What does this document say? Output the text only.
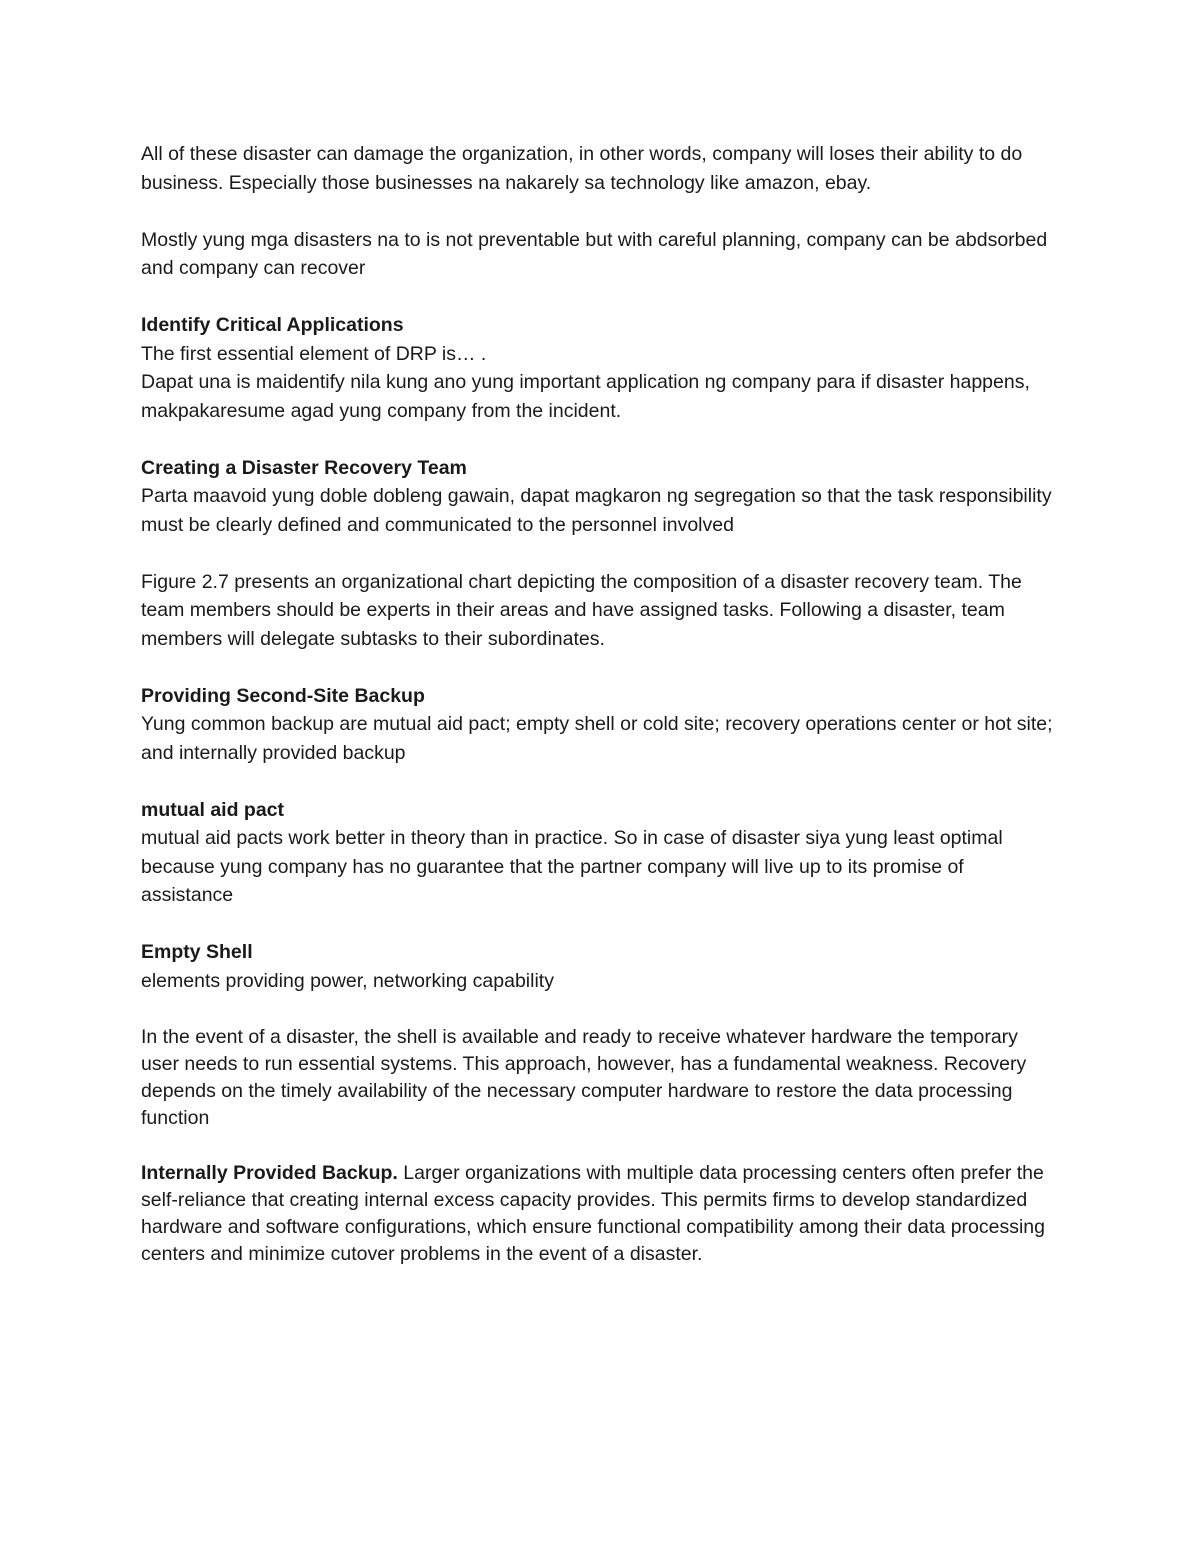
All of these disaster can damage the organization, in other words, company will loses their ability to do business. Especially those businesses na nakarely sa technology like amazon, ebay.

Mostly yung mga disasters na to is not preventable but with careful planning, company can be abdsorbed and company can recover

Identify Critical Applications
The first essential element of DRP is… .
Dapat una is maidentify nila kung ano yung important application ng company para if disaster happens, makpakaresume agad yung company from the incident.
Creating a Disaster Recovery Team
Parta maavoid yung doble dobleng gawain, dapat magkaron ng segregation so that the task responsibility must be clearly defined and communicated to the personnel involved

Figure 2.7 presents an organizational chart depicting the composition of a disaster recovery team. The team members should be experts in their areas and have assigned tasks. Following a disaster, team members will delegate subtasks to their subordinates.

Providing Second-Site Backup
Yung common backup are mutual aid pact; empty shell or cold site; recovery operations center or hot site; and internally provided backup
mutual aid pact
mutual aid pacts work better in theory than in practice. So in case of disaster siya yung least optimal because yung company has no guarantee that the partner company will live up to its promise of assistance
Empty Shell
elements providing power, networking capability

In the event of a disaster, the shell is available and ready to receive whatever hardware the temporary user needs to run essential systems. This approach, however, has a fundamental weakness. Recovery depends on the timely availability of the necessary computer hardware to restore the data processing function

Internally Provided Backup. Larger organizations with multiple data processing centers often prefer the self-reliance that creating internal excess capacity provides. This permits firms to develop standardized hardware and software configurations, which ensure functional compatibility among their data processing centers and minimize cutover problems in the event of a disaster.
